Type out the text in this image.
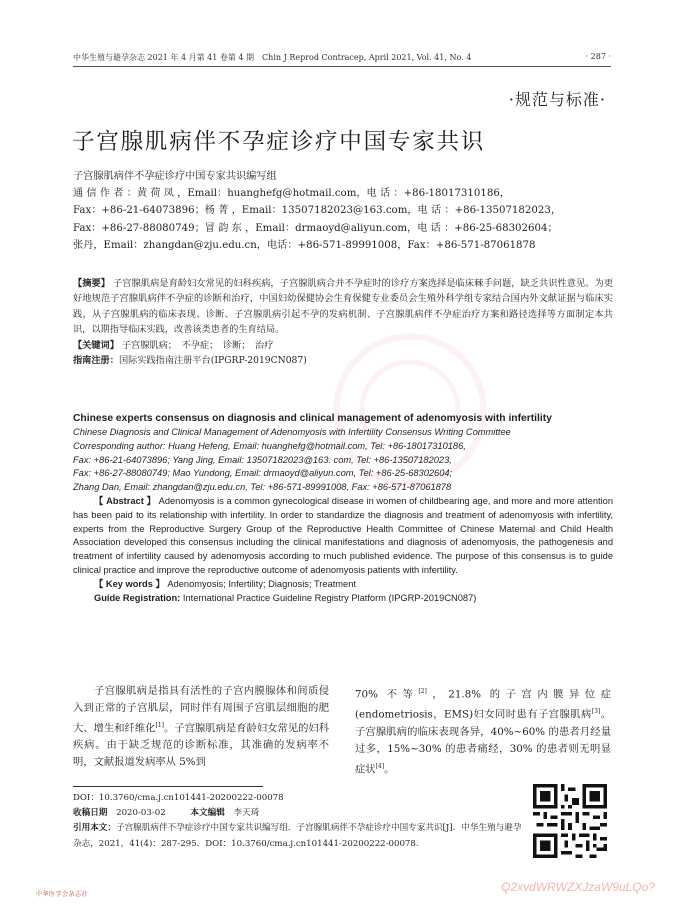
中华生殖与避孕杂志 2021 年 4 月第 41 卷第 4 期　Chin J Reprod Contracep, April 2021, Vol. 41, No. 4	· 287 ·
·规范与标准·
子宫腺肌病伴不孕症诊疗中国专家共识
子宫腺肌病伴不孕症诊疗中国专家共识编写组
通 信 作 者 ：黄 荷 凤 ，Email：huanghefg@hotmail.com，电 话 ：+86-18017310186，
Fax：+86-21-64073896；杨 菁 ，Email：13507182023@163.com，电 话 ：+86-13507182023，
Fax：+86-27-88080749；冒 韵 东 ，Email：drmaoyd@aliyun.com，电 话 ：+86-25-68302604；
张丹，Email：zhangdan@zju.edu.cn，电话：+86-571-89991008，Fax：+86-571-87061878

【摘要】 子宫腺肌病是育龄妇女常见的妇科疾病，子宫腺肌病合并不孕症时的诊疗方案选择是临床棘手问题，缺乏共识性意见。为更好地规范子宫腺肌病伴不孕症的诊断和治疗，中国妇幼保健协会生育保健专业委员会生殖外科学组专家结合国内外文献证据与临床实践，从子宫腺肌病的临床表现、诊断、子宫腺肌病引起不孕的发病机制、子宫腺肌病伴不孕症治疗方案和路径选择等方面制定本共识，以期指导临床实践，改善该类患者的生育结局。

【关键词】 子宫腺肌病；　不孕症；　诊断；　治疗

指南注册：国际实践指南注册平台(IPGRP-2019CN087)

Chinese experts consensus on diagnosis and clinical management of adenomyosis with infertility

Chinese Diagnosis and Clinical Management of Adenomyosis with Infertility Consensus Writing Committee

Corresponding author: Huang Hefeng, Email: huanghefg@hotmail.com, Tel: +86-18017310186,

Fax: +86-21-64073896; Yang Jing, Email: 13507182023@163. com, Tel: +86-13507182023,

Fax: +86-27-88080749; Mao Yundong, Email: drmaoyd@aliyun.com, Tel: +86-25-68302604;

Zhang Dan, Email: zhangdan@zju.edu.cn, Tel: +86-571-89991008, Fax: +86-571-87061878

【 Abstract 】 Adenomyosis is a common gynecological disease in women of childbearing age, and more and more attention has been paid to its relationship with infertility. In order to standardize the diagnosis and treatment of adenomyosis with infertility, experts from the Reproductive Surgery Group of the Reproductive Health Committee of Chinese Maternal and Child Health Association developed this consensus including the clinical manifestations and diagnosis of adenomyosis, the pathogenesis and treatment of infertility caused by adenomyosis according to much published evidence. The purpose of this consensus is to guide clinical practice and improve the reproductive outcome of adenomyosis patients with infertility.

【 Key words 】 Adenomyosis; Infertility; Diagnosis; Treatment

Guide Registration: International Practice Guideline Registry Platform (IPGRP-2019CN087)

子宫腺肌病是指具有活性的子宫内膜腺体和间质侵入到正常的子宫肌层，同时伴有周围子宫肌层细胞的肥大、增生和纤维化[1]。子宫腺肌病是育龄妇女常见的妇科疾病。由于缺乏规范的诊断标准，其准确的发病率不明，文献报道发病率从 5%到
70% 不等[2]，21.8% 的子宫内膜异位症(endometriosis，EMS)妇女同时患有子宫腺肌病[3]。子宫腺肌病的临床表现各异，40%~60% 的患者月经量过多，15%~30% 的患者痛经，30% 的患者则无明显症状[4]。
DOI：10.3760/cma.j.cn101441-20200222-00078
收稿日期 2020-03-02	本文编辑 李天琦
引用本文：子宫腺肌病伴不孕症诊疗中国专家共识编写组．子宫腺肌病伴不孕症诊疗中国专家共识[J]．中华生殖与避孕杂志，2021，41(4)：287-295．DOI：10.3760/cma.j.cn101441-20200222-00078.
中华医学会杂志社
Q2xvdWRWZXJzaW9uLQo?
